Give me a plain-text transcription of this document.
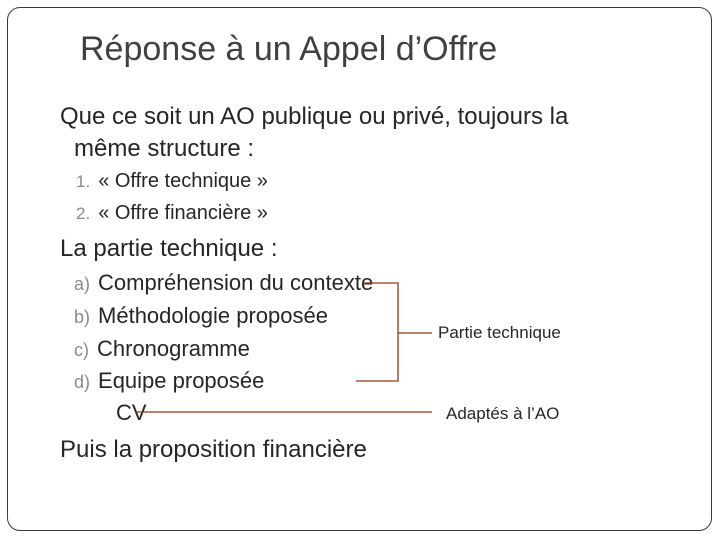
Réponse à un Appel d’Offre
Que ce soit un AO publique ou privé, toujours la
même structure :
1. « Offre technique »
2. « Offre financière »
La partie technique :
a) Compréhension du contexte
b) Méthodologie proposée
c) Chronogramme
d) Equipe proposée
CV
Puis la proposition financière
Partie technique
Adaptés à l’AO
